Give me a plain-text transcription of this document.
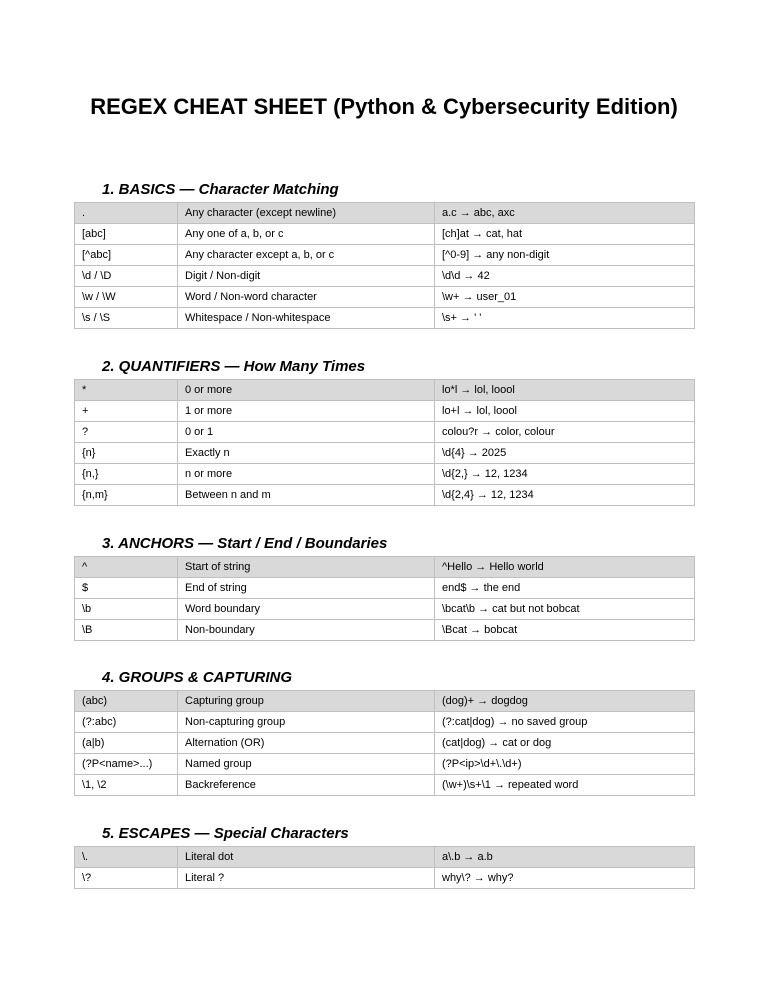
REGEX CHEAT SHEET (Python & Cybersecurity Edition)
1. BASICS — Character Matching
.	Any character (except newline)	a.c → abc, axc
[abc]	Any one of a, b, or c	[ch]at → cat, hat
[^abc]	Any character except a, b, or c	[^0-9] → any non-digit
\d / \D	Digit / Non-digit	\d\d → 42
\w / \W	Word / Non-word character	\w+ → user_01
\s / \S	Whitespace / Non-whitespace	\s+ → ' '
2. QUANTIFIERS — How Many Times
*	0 or more	lo*l → lol, loool
+	1 or more	lo+l → lol, loool
?	0 or 1	colou?r → color, colour
{n}	Exactly n	\d{4} → 2025
{n,}	n or more	\d{2,} → 12, 1234
{n,m}	Between n and m	\d{2,4} → 12, 1234
3. ANCHORS — Start / End / Boundaries
^	Start of string	^Hello → Hello world
$	End of string	end$ → the end
\b	Word boundary	\bcat\b → cat but not bobcat
\B	Non-boundary	\Bcat → bobcat
4. GROUPS & CAPTURING
(abc)	Capturing group	(dog)+ → dogdog
(?:abc)	Non-capturing group	(?:cat|dog) → no saved group
(a|b)	Alternation (OR)	(cat|dog) → cat or dog
(?P<name>...)	Named group	(?P<ip>\d+\.\d+)
\1, \2	Backreference	(\w+)\s+\1 → repeated word
5. ESCAPES — Special Characters
\.	Literal dot	a\.b → a.b
\?	Literal ?	why\? → why?
